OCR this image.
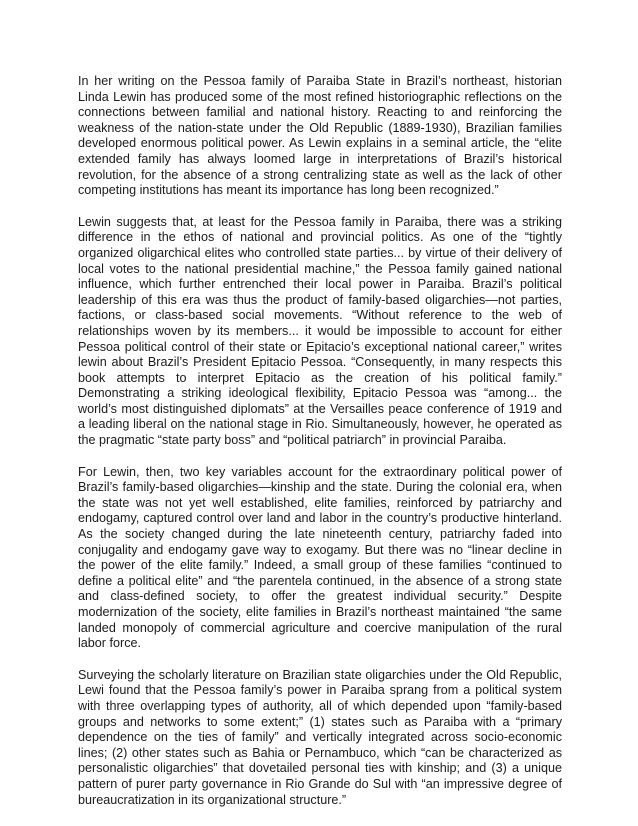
In her writing on the Pessoa family of Paraiba State in Brazil’s northeast, historian Linda Lewin has produced some of the most refined historiographic reflections on the connections between familial and national history. Reacting to and reinforcing the weakness of the nation-state under the Old Republic (1889-1930), Brazilian families developed enormous political power. As Lewin explains in a seminal article, the “elite extended family has always loomed large in interpretations of Brazil’s historical revolution, for the absence of a strong centralizing state as well as the lack of other competing institutions has meant its importance has long been recognized.”

Lewin suggests that, at least for the Pessoa family in Paraiba, there was a striking difference in the ethos of national and provincial politics. As one of the “tightly organized oligarchical elites who controlled state parties... by virtue of their delivery of local votes to the national presidential machine,” the Pessoa family gained national influence, which further entrenched their local power in Paraiba. Brazil’s political leadership of this era was thus the product of family-based oligarchies—not parties, factions, or class-based social movements. “Without reference to the web of relationships woven by its members... it would be impossible to account for either Pessoa political control of their state or Epitacio’s exceptional national career,” writes lewin about Brazil’s President Epitacio Pessoa. “Consequently, in many respects this book attempts to interpret Epitacio as the creation of his political family.” Demonstrating a striking ideological flexibility, Epitacio Pessoa was “among... the world’s most distinguished diplomats” at the Versailles peace conference of 1919 and a leading liberal on the national stage in Rio. Simultaneously, however, he operated as the pragmatic “state party boss” and “political patriarch” in provincial Paraiba.

For Lewin, then, two key variables account for the extraordinary political power of Brazil’s family-based oligarchies—kinship and the state. During the colonial era, when the state was not yet well established, elite families, reinforced by patriarchy and endogamy, captured control over land and labor in the country’s productive hinterland. As the society changed during the late nineteenth century, patriarchy faded into conjugality and endogamy gave way to exogamy. But there was no “linear decline in the power of the elite family.” Indeed, a small group of these families “continued to define a political elite” and “the parentela continued, in the absence of a strong state and class-defined society, to offer the greatest individual security.” Despite modernization of the society, elite families in Brazil’s northeast maintained “the same landed monopoly of commercial agriculture and coercive manipulation of the rural labor force.

Surveying the scholarly literature on Brazilian state oligarchies under the Old Republic, Lewi found that the Pessoa family’s power in Paraiba sprang from a political system with three overlapping types of authority, all of which depended upon “family-based groups and networks to some extent;” (1) states such as Paraiba with a “primary dependence on the ties of family” and vertically integrated across socio-economic lines; (2) other states such as Bahia or Pernambuco, which “can be characterized as personalistic oligarchies” that dovetailed personal ties with kinship; and (3) a unique pattern of purer party governance in Rio Grande do Sul with “an impressive degree of bureaucratization in its organizational structure.”
